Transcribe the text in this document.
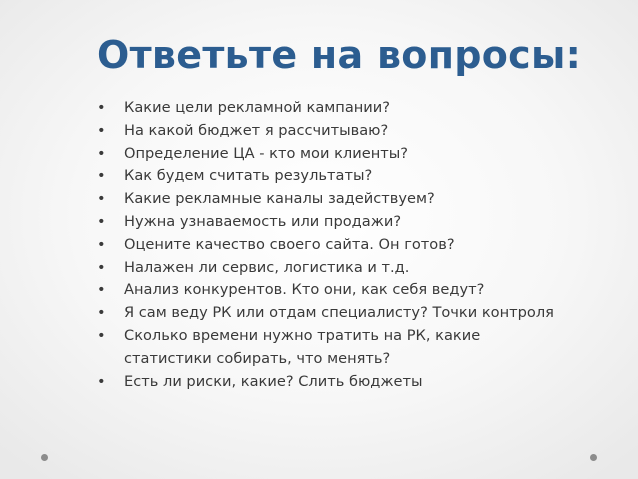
Ответьте на вопросы:
• Какие цели рекламной кампании?
• На какой бюджет я рассчитываю?
• Определение ЦА - кто мои клиенты?
• Как будем считать результаты?
• Какие рекламные каналы задействуем?
• Нужна узнаваемость или продажи?
• Оцените качество своего сайта. Он готов?
• Налажен ли сервис, логистика и т.д.
• Анализ конкурентов. Кто они, как себя ведут?
• Я сам веду РК или отдам специалисту? Точки контроля
• Сколько времени нужно тратить на РК, какие
статистики собирать, что менять?
• Есть ли риски, какие? Слить бюджеты
